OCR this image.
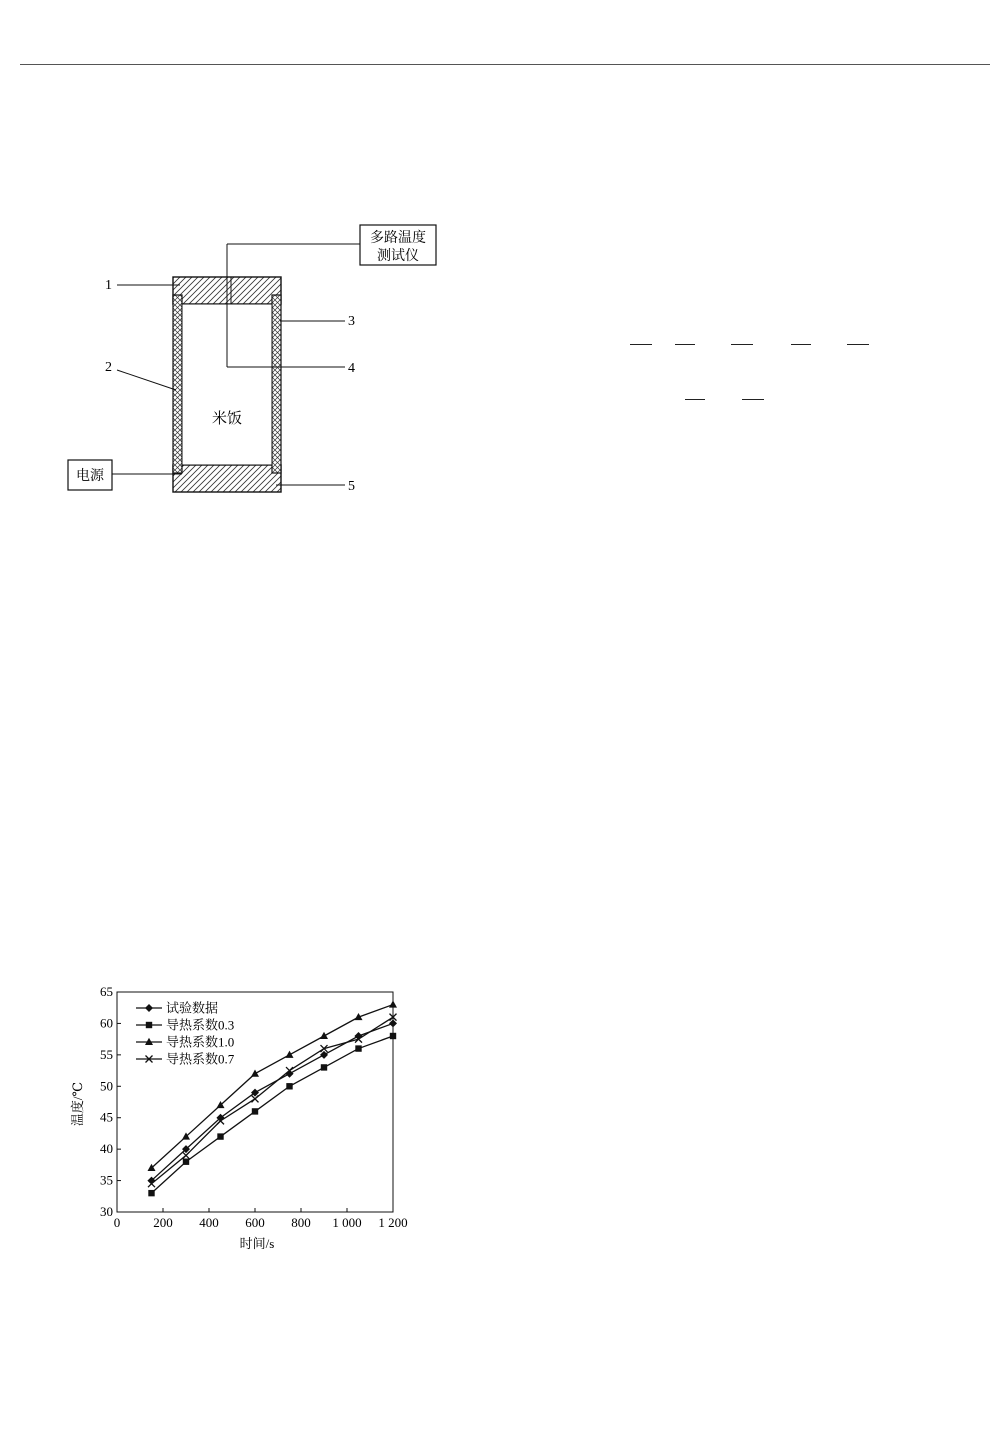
多路温度
测试仪
电源
米饭
1
2
3
4
5
0	200 400 600 800 1 000 1 200
30
35
40
45
50
55
60
65
试验数据
导热系数0.3
导热系数1.0
导热系数0.7
温度/℃
时间/s
